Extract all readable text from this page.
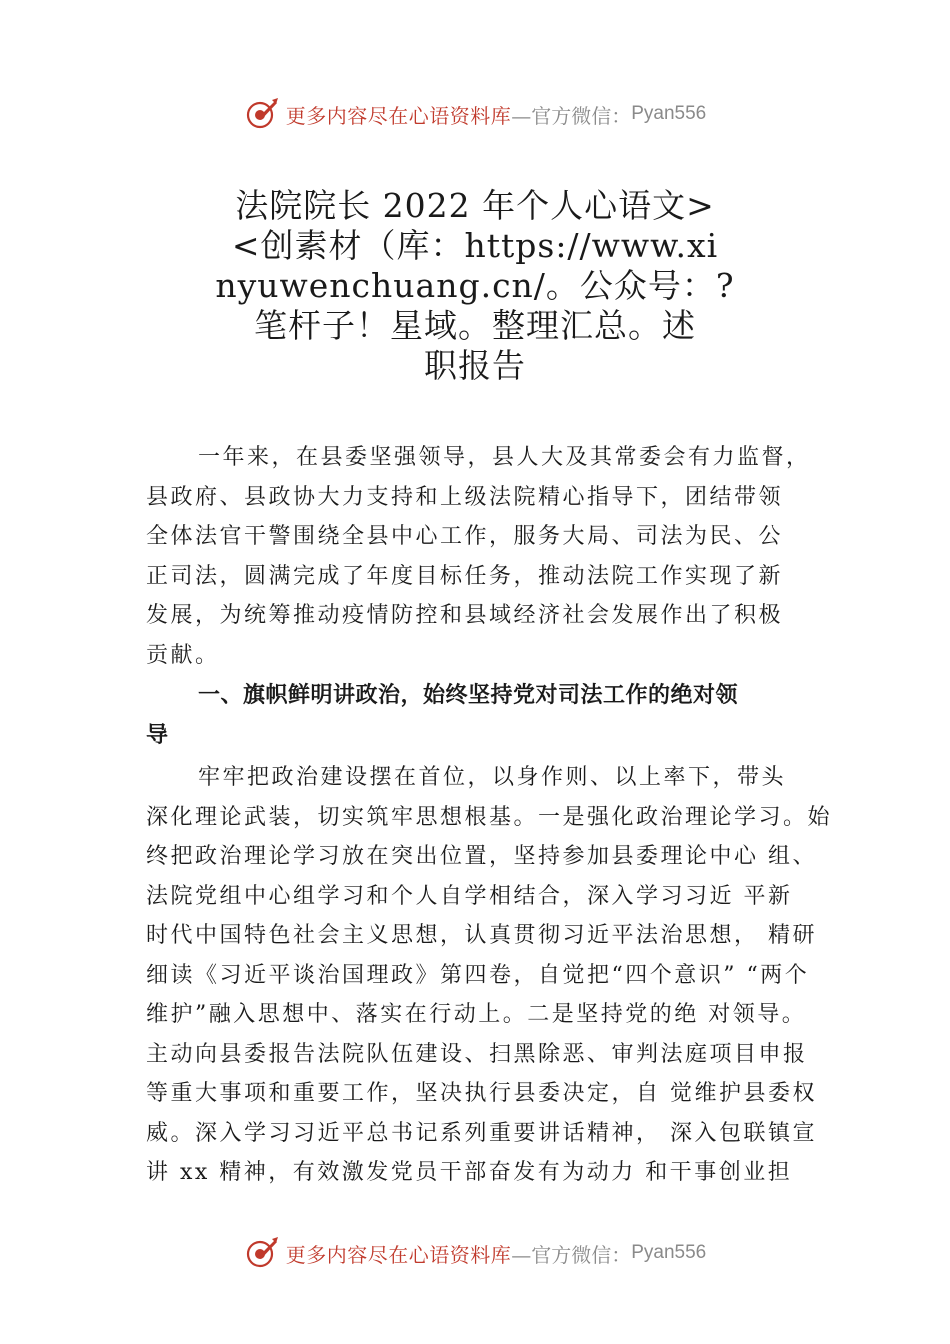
更多内容尽在心语资料库 —官方微信： Pyan556
法院院长 2022 年个人心语文>
<创素材（库：https://www.xi
nyuwenchuang.cn/。公众号：?
笔杆子！星域。整理汇总。述
职报告
一年来，在县委坚强领导，县人大及其常委会有力监督，
县政府、县政协大力支持和上级法院精心指导下，团结带领
全体法官干警围绕全县中心工作，服务大局、司法为民、公
正司法，圆满完成了年度目标任务，推动法院工作实现了新
发展，为统筹推动疫情防控和县域经济社会发展作出了积极
贡献。
一、旗帜鲜明讲政治，始终坚持党对司法工作的绝对领
导
牢牢把政治建设摆在首位，以身作则、以上率下，带头
深化理论武装，切实筑牢思想根基。一是强化政治理论学习。始
终把政治理论学习放在突出位置，坚持参加县委理论中心 组、
法院党组中心组学习和个人自学相结合，深入学习习近 平新
时代中国特色社会主义思想，认真贯彻习近平法治思想， 精研
细读《习近平谈治国理政》第四卷，自觉把“四个意识” “两个
维护”融入思想中、落实在行动上。二是坚持党的绝 对领导。
主动向县委报告法院队伍建设、扫黑除恶、审判法庭项目申报
等重大事项和重要工作，坚决执行县委决定，自 觉维护县委权
威。深入学习习近平总书记系列重要讲话精神， 深入包联镇宣
讲 xx 精神，有效激发党员干部奋发有为动力 和干事创业担
更多内容尽在心语资料库 —官方微信： Pyan556
